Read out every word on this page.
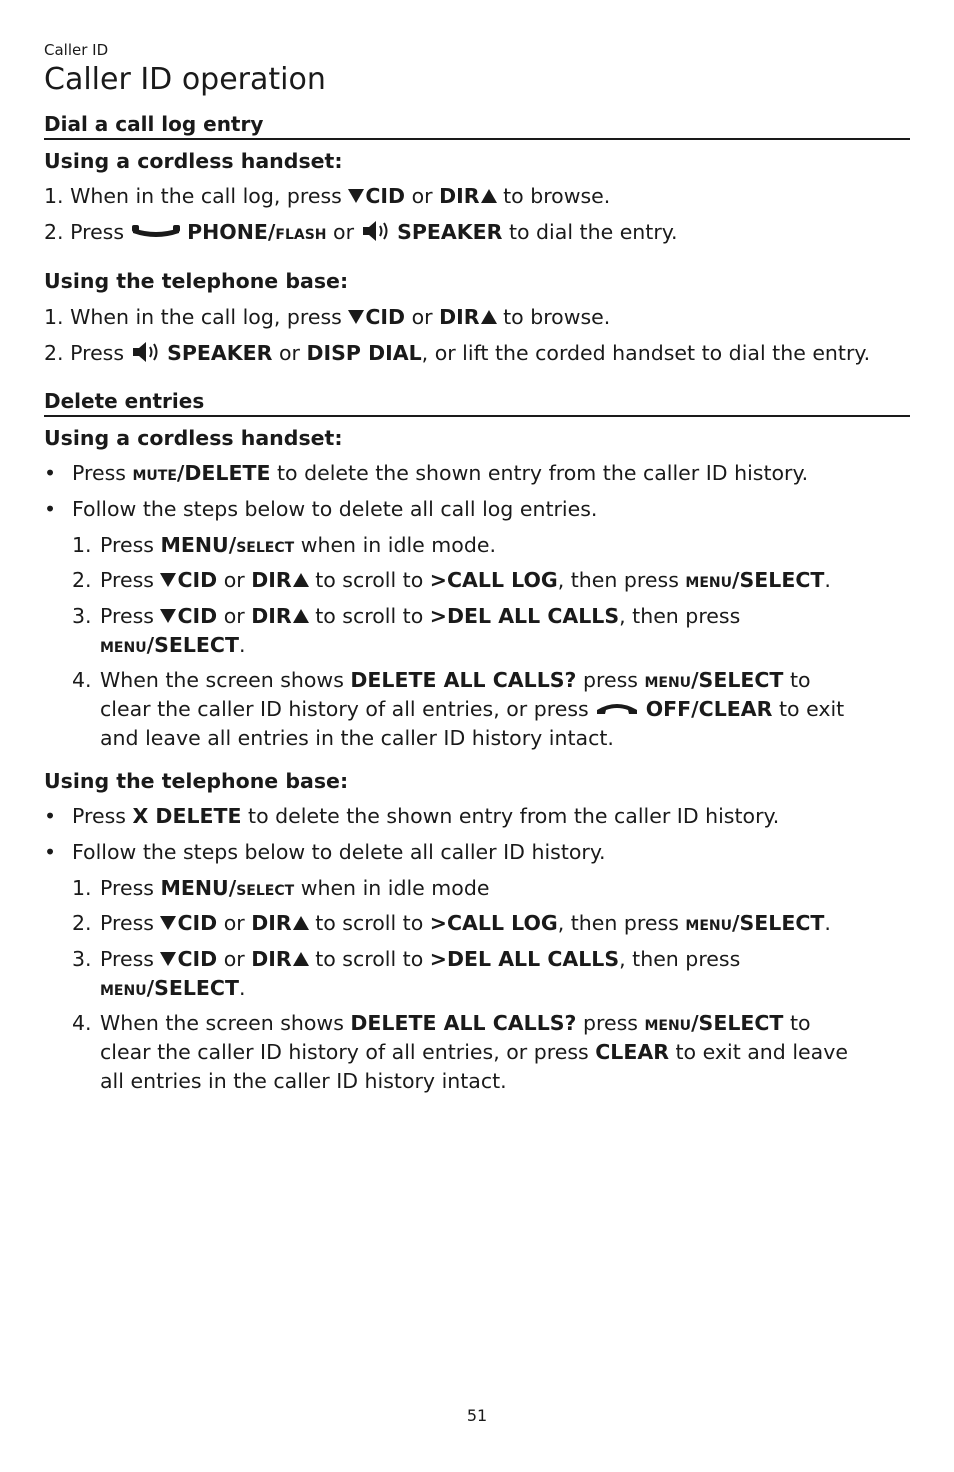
Caller ID
Caller ID operation
Dial a call log entry
Using a cordless handset:
1. When in the call log, press CID or DIR to browse.
2. Press	PHONE/flash or SPEAKER to dial the entry.
Using the telephone base:
1. When in the call log, press CID or DIR to browse.
2. Press SPEAKER or DISP DIAL, or lift the corded handset to dial the entry.
Delete entries
Using a cordless handset:
• Press mute/DELETE to delete the shown entry from the caller ID history.
• Follow the steps below to delete all call log entries.
1. Press MENU/select when in idle mode.
2. Press CID or DIR to scroll to >CALL LOG, then press menu/SELECT.
3. Press CID or DIR to scroll to >DEL ALL CALLS, then press
menu/SELECT.
4. When the screen shows DELETE ALL CALLS? press menu/SELECT to
clear the caller ID history of all entries, or press	OFF/CLEAR to exit
and leave all entries in the caller ID history intact.
Using the telephone base:
• Press X DELETE to delete the shown entry from the caller ID history.
• Follow the steps below to delete all caller ID history.
1. Press MENU/select when in idle mode
2. Press CID or DIR to scroll to >CALL LOG, then press menu/SELECT.
3. Press CID or DIR to scroll to >DEL ALL CALLS, then press
menu/SELECT.
4. When the screen shows DELETE ALL CALLS? press menu/SELECT to
clear the caller ID history of all entries, or press CLEAR to exit and leave
all entries in the caller ID history intact.
51
